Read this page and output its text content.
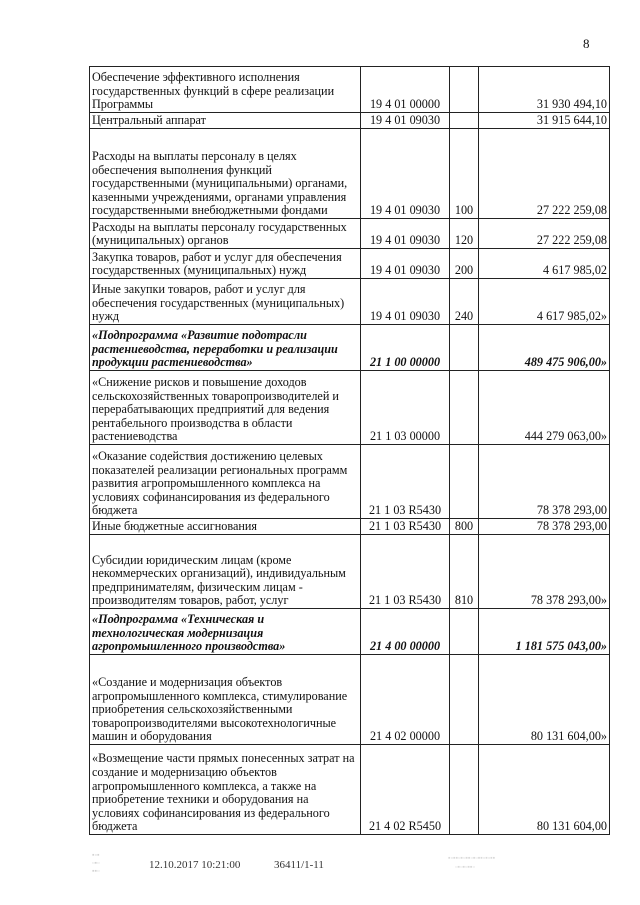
8
Обеспечение эффективного исполнения государственных функций в сфере реализации Программы	19 4 01 00000		31 930 494,10
Центральный аппарат	19 4 01 09030		31 915 644,10
Расходы на выплаты персоналу в целях обеспечения выполнения функций государственными (муниципальными) органами, казенными учреждениями, органами управления государственными внебюджетными фондами	19 4 01 09030	100	27 222 259,08
Расходы на выплаты персоналу государственных (муниципальных) органов	19 4 01 09030	120	27 222 259,08
Закупка товаров, работ и услуг для обеспечения государственных (муниципальных) нужд	19 4 01 09030	200	4 617 985,02
Иные закупки товаров, работ и услуг для обеспечения государственных (муниципальных) нужд	19 4 01 09030	240	4 617 985,02»
«Подпрограмма «Развитие подотрасли растениеводства, переработки и реализации продукции растениеводства»	21 1 00 00000		489 475 906,00»
«Снижение рисков и повышение доходов сельскохозяйственных товаропроизводителей и перерабатывающих предприятий для ведения рентабельного производства в области растениеводства	21 1 03 00000		444 279 063,00»
«Оказание содействия достижению целевых показателей реализации региональных программ развития агропромышленного комплекса на условиях софинансирования из федерального бюджета	21 1 03 R5430		78 378 293,00
Иные бюджетные ассигнования	21 1 03 R5430	800	78 378 293,00
Субсидии юридическим лицам (кроме некоммерческих организаций), индивидуальным предпринимателям, физическим лицам - производителям товаров, работ, услуг	21 1 03 R5430	810	78 378 293,00»
«Подпрограмма «Техническая и технологическая модернизация агропромышленного производства»	21 4 00 00000		1 181 575 043,00»
«Создание и модернизация объектов агропромышленного комплекса, стимулирование приобретения сельскохозяйственными товаропроизводителями высокотехнологичные машин и оборудования	21 4 02 00000		80 131 604,00»
«Возмещение части прямых понесенных затрат на создание и модернизацию объектов агропромышленного комплекса, а также на приобретение техники и оборудования на условиях софинансирования из федерального бюджета	21 4 02 R5450		80 131 604,00
12.10.2017 10:21:00	36411/1-11
▪▫▪
▫▪▫
▪▪▫
▪▫▪▪▫▪▫▪▪▫▪▫▪▪▫▪▫▪▪
▫▪▫▪▫▪▪▫
